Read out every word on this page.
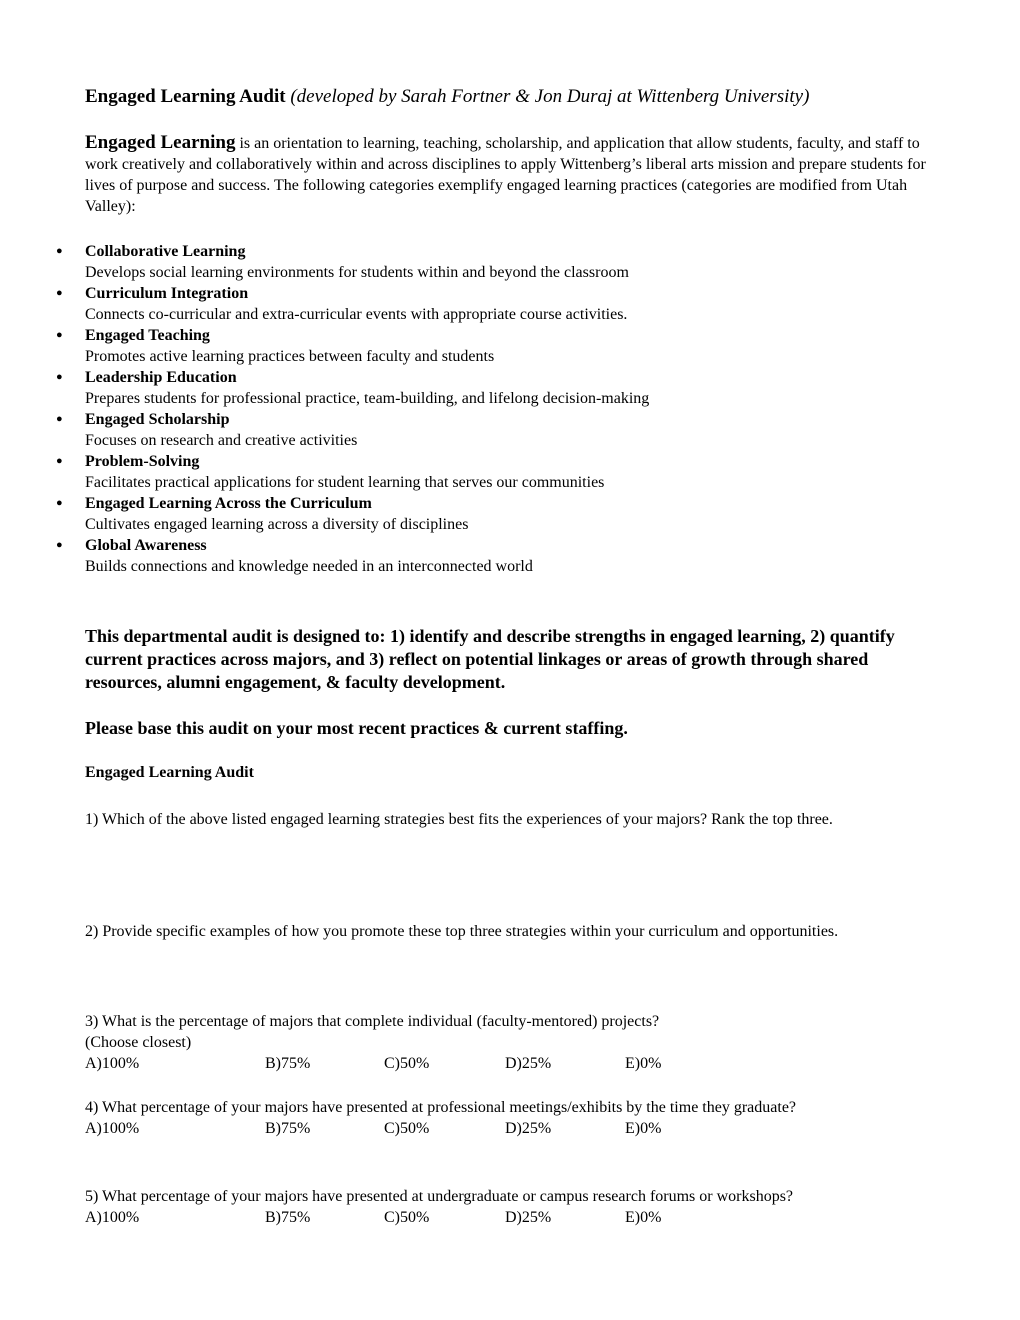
Engaged Learning Audit (developed by Sarah Fortner & Jon Duraj at Wittenberg University)
Engaged Learning is an orientation to learning, teaching, scholarship, and application that allow students, faculty, and staff to work creatively and collaboratively within and across disciplines to apply Wittenberg’s liberal arts mission and prepare students for lives of purpose and success. The following categories exemplify engaged learning practices (categories are modified from Utah Valley):
● Collaborative Learning
Develops social learning environments for students within and beyond the classroom
● Curriculum Integration
Connects co-curricular and extra-curricular events with appropriate course activities.
● Engaged Teaching
Promotes active learning practices between faculty and students
● Leadership Education
Prepares students for professional practice, team-building, and lifelong decision-making
● Engaged Scholarship
Focuses on research and creative activities
● Problem-Solving
Facilitates practical applications for student learning that serves our communities
● Engaged Learning Across the Curriculum
Cultivates engaged learning across a diversity of disciplines
● Global Awareness
Builds connections and knowledge needed in an interconnected world
This departmental audit is designed to: 1) identify and describe strengths in engaged learning, 2) quantify current practices across majors, and 3) reflect on potential linkages or areas of growth through shared resources, alumni engagement, & faculty development.
Please base this audit on your most recent practices & current staffing.
Engaged Learning Audit
1) Which of the above listed engaged learning strategies best fits the experiences of your majors? Rank the top three.
2) Provide specific examples of how you promote these top three strategies within your curriculum and opportunities.
3) What is the percentage of majors that complete individual (faculty-mentored) projects?
(Choose closest)
A)100%	B)75%	C)50%	D)25%	E)0%
4) What percentage of your majors have presented at professional meetings/exhibits by the time they graduate?
A)100%	B)75%	C)50%	D)25%	E)0%
5) What percentage of your majors have presented at undergraduate or campus research forums or workshops?
A)100%	B)75%	C)50%	D)25%	E)0%
